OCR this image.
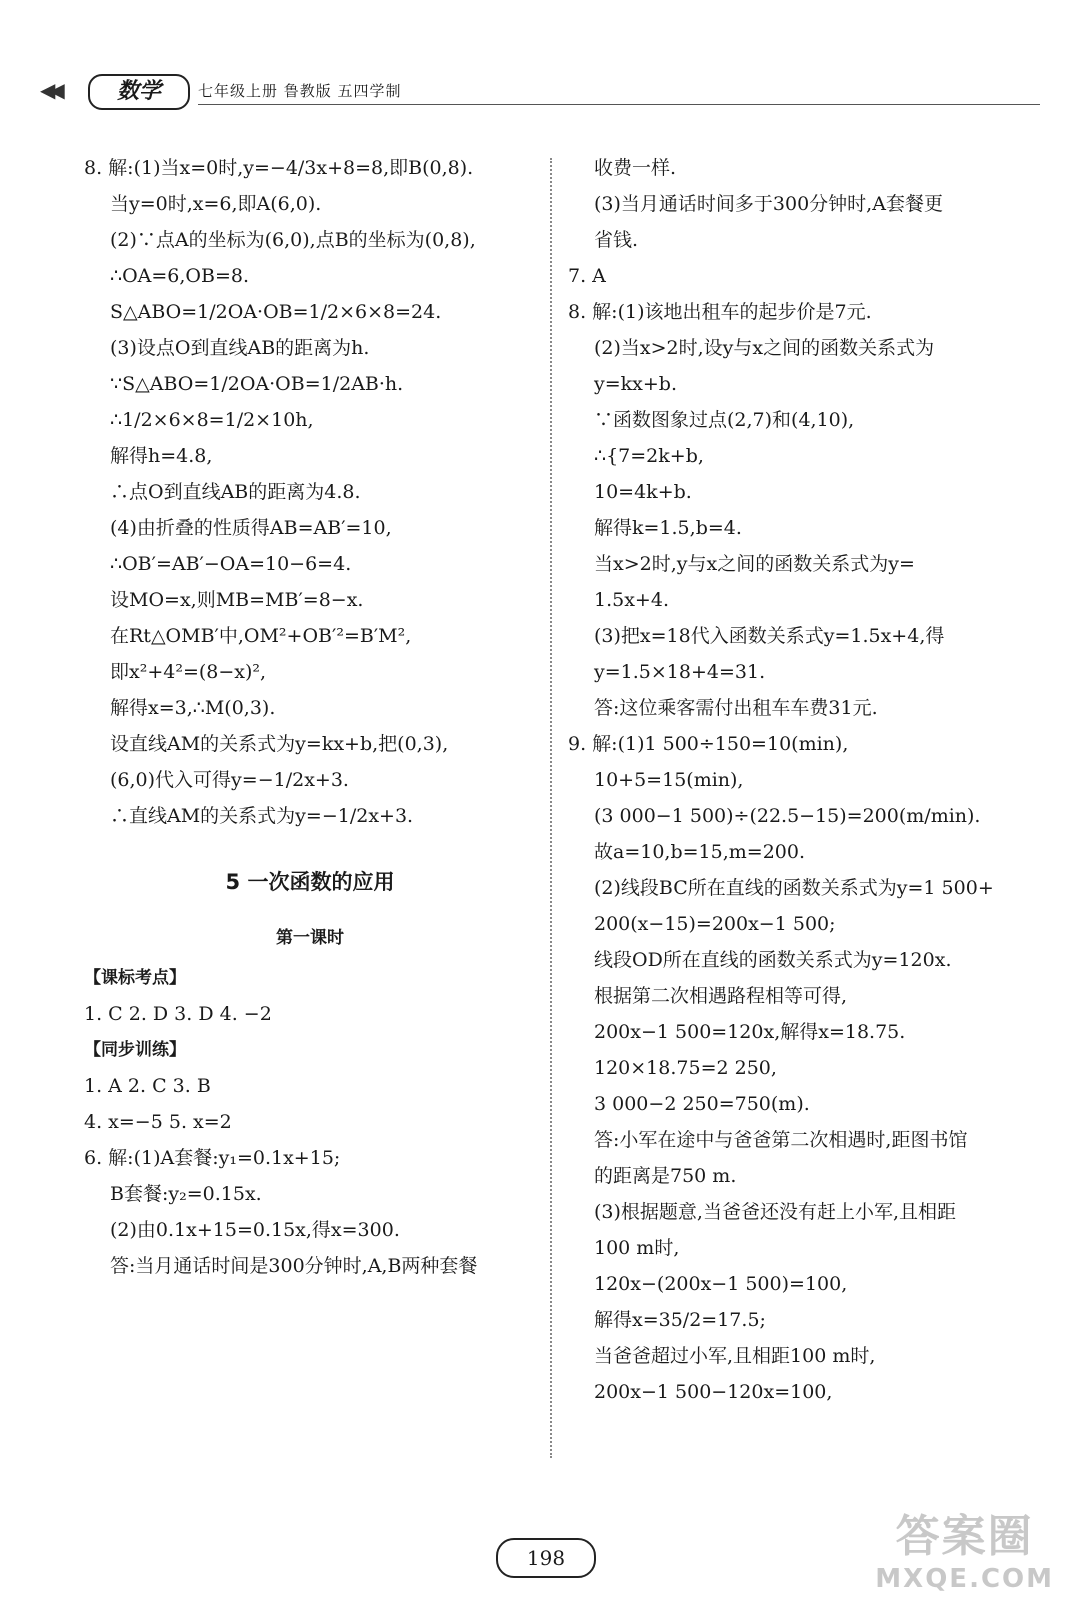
◀◀	数学	七年级上册 鲁教版 五四学制
8. 解:(1)当x=0时,y=−4/3x+8=8,即B(0,8).
当y=0时,x=6,即A(6,0).
(2)∵点A的坐标为(6,0),点B的坐标为(0,8),
∴OA=6,OB=8.
S△ABO=1/2OA·OB=1/2×6×8=24.
(3)设点O到直线AB的距离为h.
∵S△ABO=1/2OA·OB=1/2AB·h.
∴1/2×6×8=1/2×10h,
解得h=4.8,
∴点O到直线AB的距离为4.8.
(4)由折叠的性质得AB=AB′=10,
∴OB′=AB′−OA=10−6=4.
设MO=x,则MB=MB′=8−x.
在Rt△OMB′中,OM²+OB′²=B′M²,
即x²+4²=(8−x)²,
解得x=3,∴M(0,3).
设直线AM的关系式为y=kx+b,把(0,3),
(6,0)代入可得y=−1/2x+3.
∴直线AM的关系式为y=−1/2x+3.
5 一次函数的应用
第一课时
【课标考点】
1. C 2. D 3. D 4. −2
【同步训练】
1. A 2. C 3. B
4. x=−5 5. x=2
6. 解:(1)A套餐:y₁=0.1x+15;
B套餐:y₂=0.15x.
(2)由0.1x+15=0.15x,得x=300.
答:当月通话时间是300分钟时,A,B两种套餐
收费一样.
(3)当月通话时间多于300分钟时,A套餐更
省钱.
7. A
8. 解:(1)该地出租车的起步价是7元.
(2)当x>2时,设y与x之间的函数关系式为
y=kx+b.
∵函数图象过点(2,7)和(4,10),
∴{7=2k+b,
10=4k+b.
解得k=1.5,b=4.
当x>2时,y与x之间的函数关系式为y=
1.5x+4.
(3)把x=18代入函数关系式y=1.5x+4,得
y=1.5×18+4=31.
答:这位乘客需付出租车车费31元.
9. 解:(1)1 500÷150=10(min),
10+5=15(min),
(3 000−1 500)÷(22.5−15)=200(m/min).
故a=10,b=15,m=200.
(2)线段BC所在直线的函数关系式为y=1 500+
200(x−15)=200x−1 500;
线段OD所在直线的函数关系式为y=120x.
根据第二次相遇路程相等可得,
200x−1 500=120x,解得x=18.75.
120×18.75=2 250,
3 000−2 250=750(m).
答:小军在途中与爸爸第二次相遇时,距图书馆
的距离是750 m.
(3)根据题意,当爸爸还没有赶上小军,且相距
100 m时,
120x−(200x−1 500)=100,
解得x=35/2=17.5;
当爸爸超过小军,且相距100 m时,
200x−1 500−120x=100,
198	答案圈
MXQE.COM
